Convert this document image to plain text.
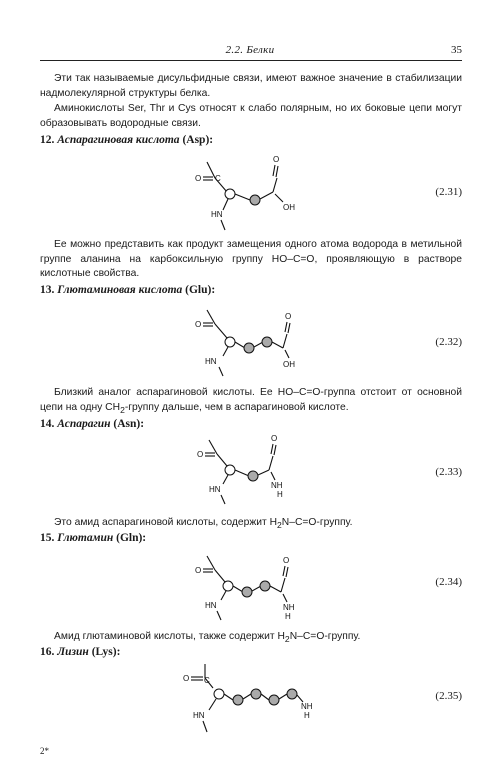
2.2. Белки	35
Эти так называемые дисульфидные связи, имеют важное значение в стабилизации надмолекулярной структуры белка.
Аминокислоты Ser, Thr и Cys относят к слабо полярным, но их боковые цепи могут образовывать водородные связи.
12. Аспарагиновая кислота (Asp):
O C
HN
O
OH
(2.31)
Ее можно представить как продукт замещения одного атома водорода в метильной группе аланина на карбоксильную группу HO–C=O, проявляющую в растворе кислотные свойства.
13. Глютаминовая кислота (Glu):
O
HN
O
OH
(2.32)
Близкий аналог аспарагиновой кислоты. Ее HO–C=O-группа отстоит от основной цепи на одну $CH_2$-группу дальше, чем в аспарагиновой кислоте.
14. Аспарагин (Asn):
O
HN
O
NH
H
(2.33)
Это амид аспарагиновой кислоты, содержит $H_2N-C=O$-группу.
15. Глютамин (Gln):
O
HN
O
NH
H
(2.34)
Амид глютаминовой кислоты, также содержит $H_2N-C=O$-группу.
16. Лизин (Lys):
O C
HN
NH
H
(2.35)
2*
